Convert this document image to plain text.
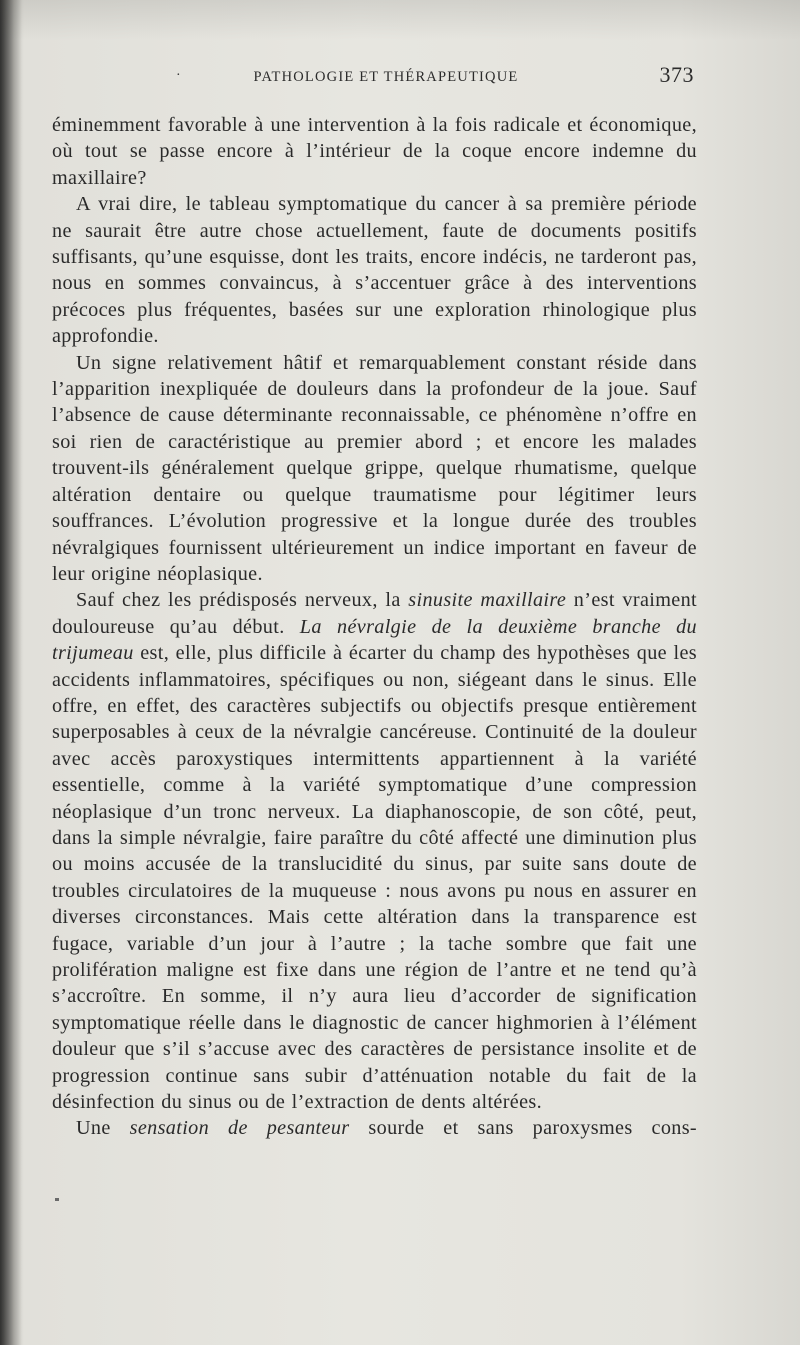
·	PATHOLOGIE ET THÉRAPEUTIQUE	373

éminemment favorable à une intervention à la fois radicale et économique, où tout se passe encore à l’intérieur de la coque encore indemne du maxillaire?

A vrai dire, le tableau symptomatique du cancer à sa première période ne saurait être autre chose actuellement, faute de documents positifs suffisants, qu’une esquisse, dont les traits, encore indécis, ne tarderont pas, nous en sommes convaincus, à s’accentuer grâce à des interventions précoces plus fréquentes, basées sur une exploration rhinologique plus approfondie.

Un signe relativement hâtif et remarquablement constant réside dans l’apparition inexpliquée de douleurs dans la profondeur de la joue. Sauf l’absence de cause déterminante reconnaissable, ce phénomène n’offre en soi rien de caractéristique au premier abord ; et encore les malades trouvent-ils généralement quelque grippe, quelque rhumatisme, quelque altération dentaire ou quelque traumatisme pour légitimer leurs souffrances. L’évolution progressive et la longue durée des troubles névralgiques fournissent ultérieurement un indice important en faveur de leur origine néoplasique.

Sauf chez les prédisposés nerveux, la sinusite maxillaire n’est vraiment douloureuse qu’au début. La névralgie de la deuxième branche du trijumeau est, elle, plus difficile à écarter du champ des hypothèses que les accidents inflammatoires, spécifiques ou non, siégeant dans le sinus. Elle offre, en effet, des caractères subjectifs ou objectifs presque entièrement superposables à ceux de la névralgie cancéreuse. Continuité de la douleur avec accès paroxystiques intermittents appartiennent à la variété essentielle, comme à la variété symptomatique d’une compression néoplasique d’un tronc nerveux. La diaphanoscopie, de son côté, peut, dans la simple névralgie, faire paraître du côté affecté une diminution plus ou moins accusée de la translucidité du sinus, par suite sans doute de troubles circulatoires de la muqueuse : nous avons pu nous en assurer en diverses circonstances. Mais cette altération dans la transparence est fugace, variable d’un jour à l’autre ; la tache sombre que fait une prolifération maligne est fixe dans une région de l’antre et ne tend qu’à s’accroître. En somme, il n’y aura lieu d’accorder de signification symptomatique réelle dans le diagnostic de cancer highmorien à l’élément douleur que s’il s’accuse avec des caractères de persistance insolite et de progression continue sans subir d’atténuation notable du fait de la désinfection du sinus ou de l’extraction de dents altérées.

Une sensation de pesanteur sourde et sans paroxysmes cons-
